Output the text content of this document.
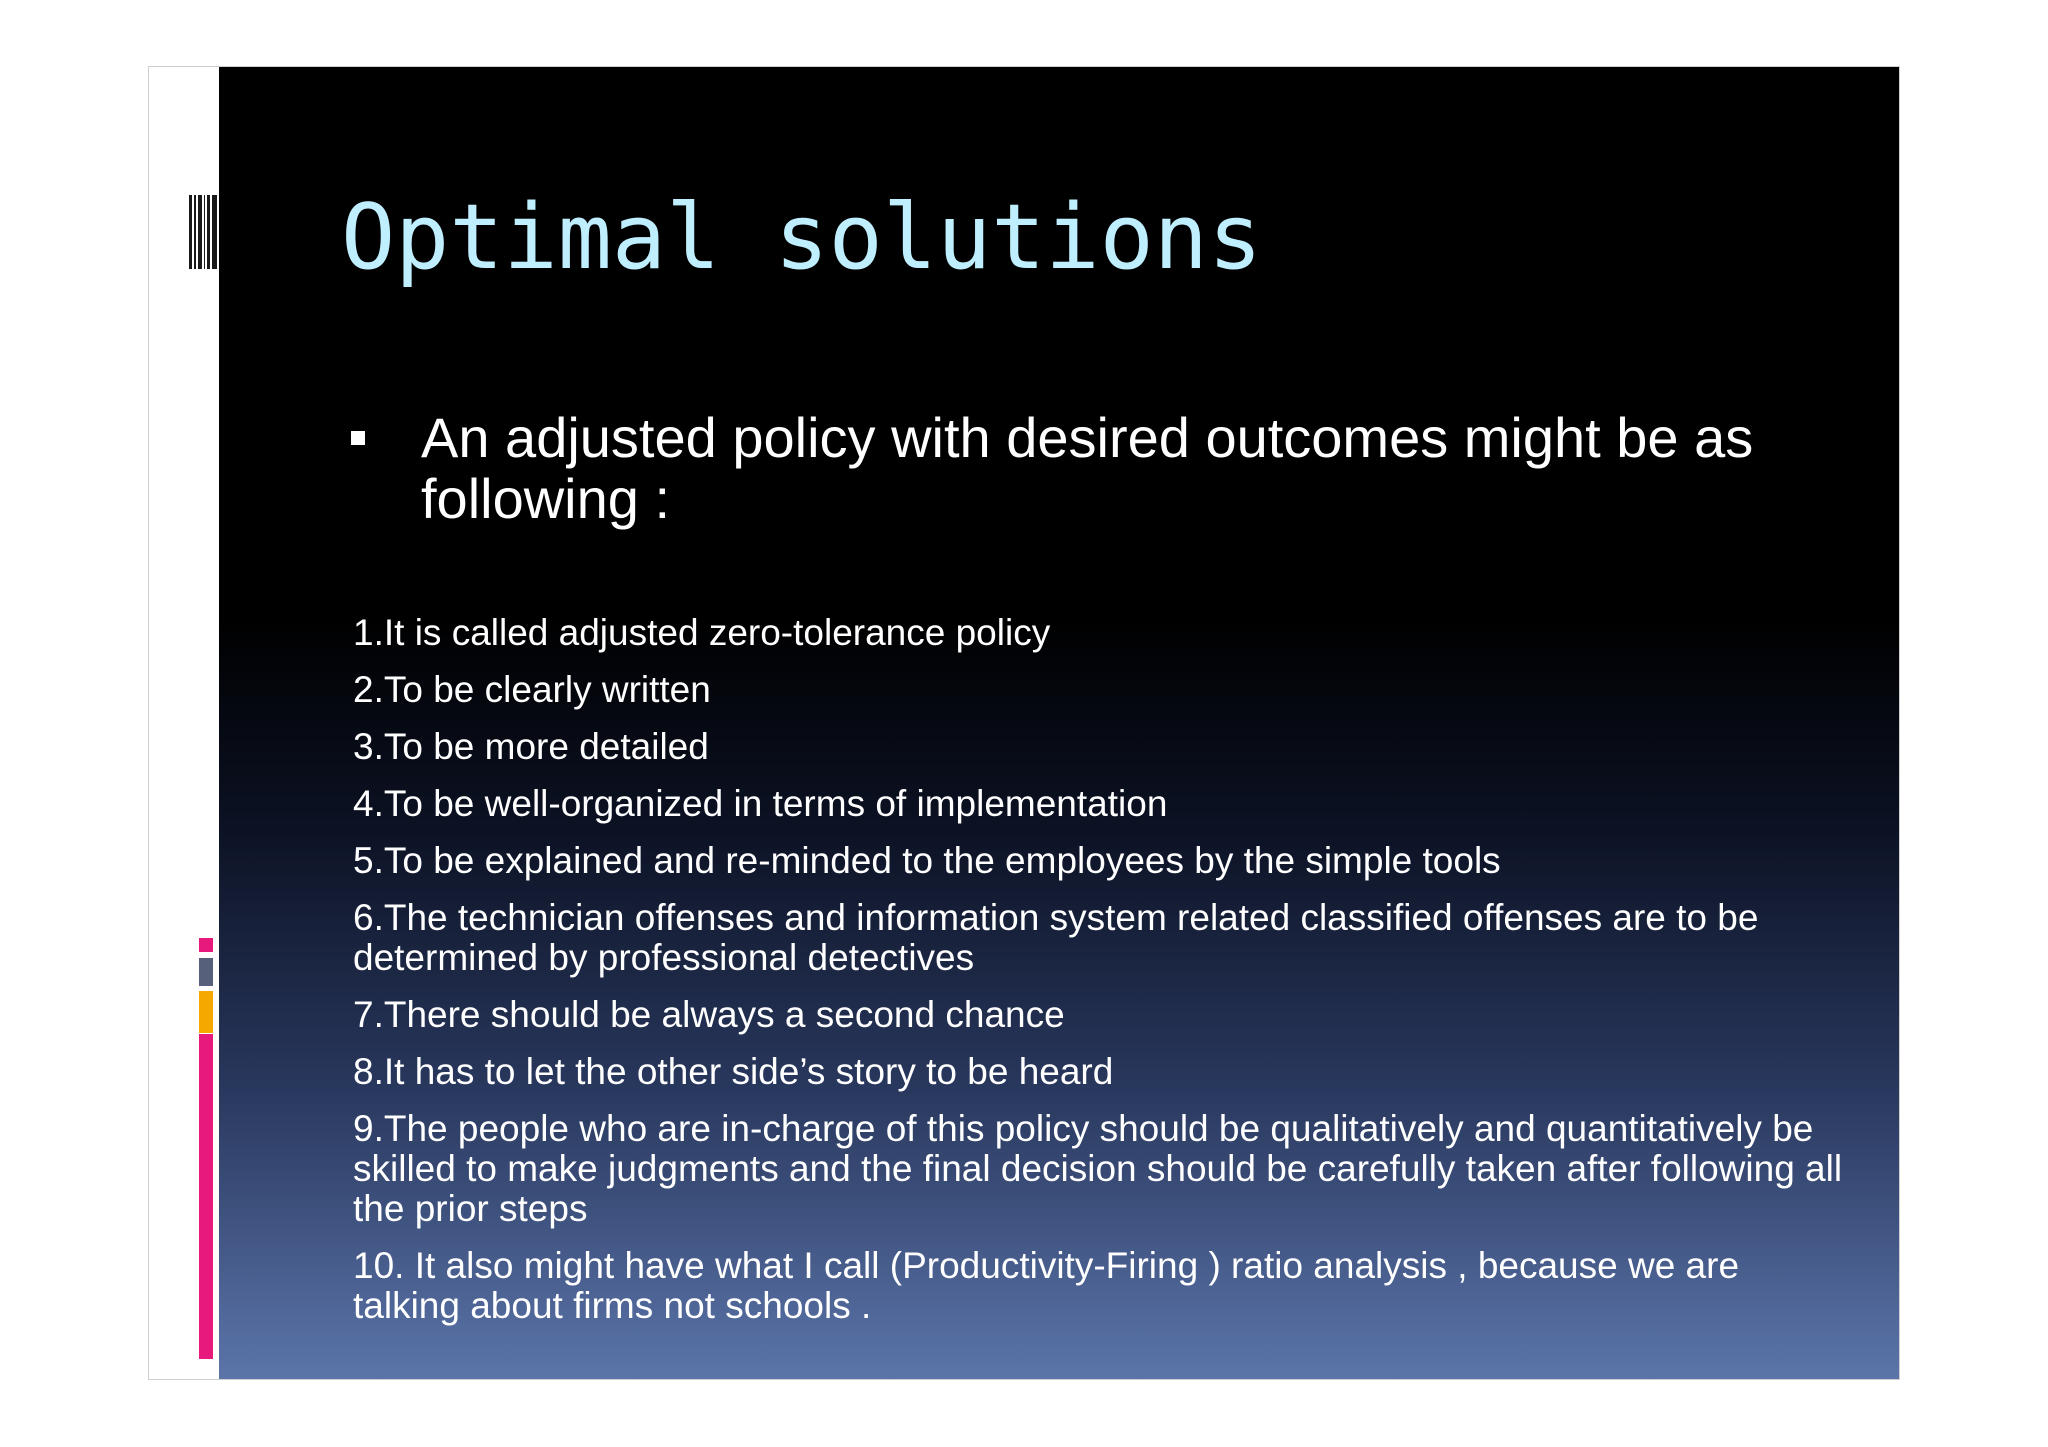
Optimal solutions
An adjusted policy with desired outcomes might be as following :
1.It is called adjusted zero-tolerance policy
2.To be clearly written
3.To be more detailed
4.To be well-organized in terms of implementation
5.To be explained and re-minded to the employees by the simple tools
6.The technician offenses and information system related classified offenses are to be determined by professional detectives
7.There should be always a second chance
8.It has to let the other side’s story to be heard
9.The people who are in-charge of this policy should be qualitatively and quantitatively be skilled to make judgments and the final decision should be carefully taken after following all the prior steps
10. It also might have what I call (Productivity-Firing ) ratio analysis , because we are talking about firms not schools .
